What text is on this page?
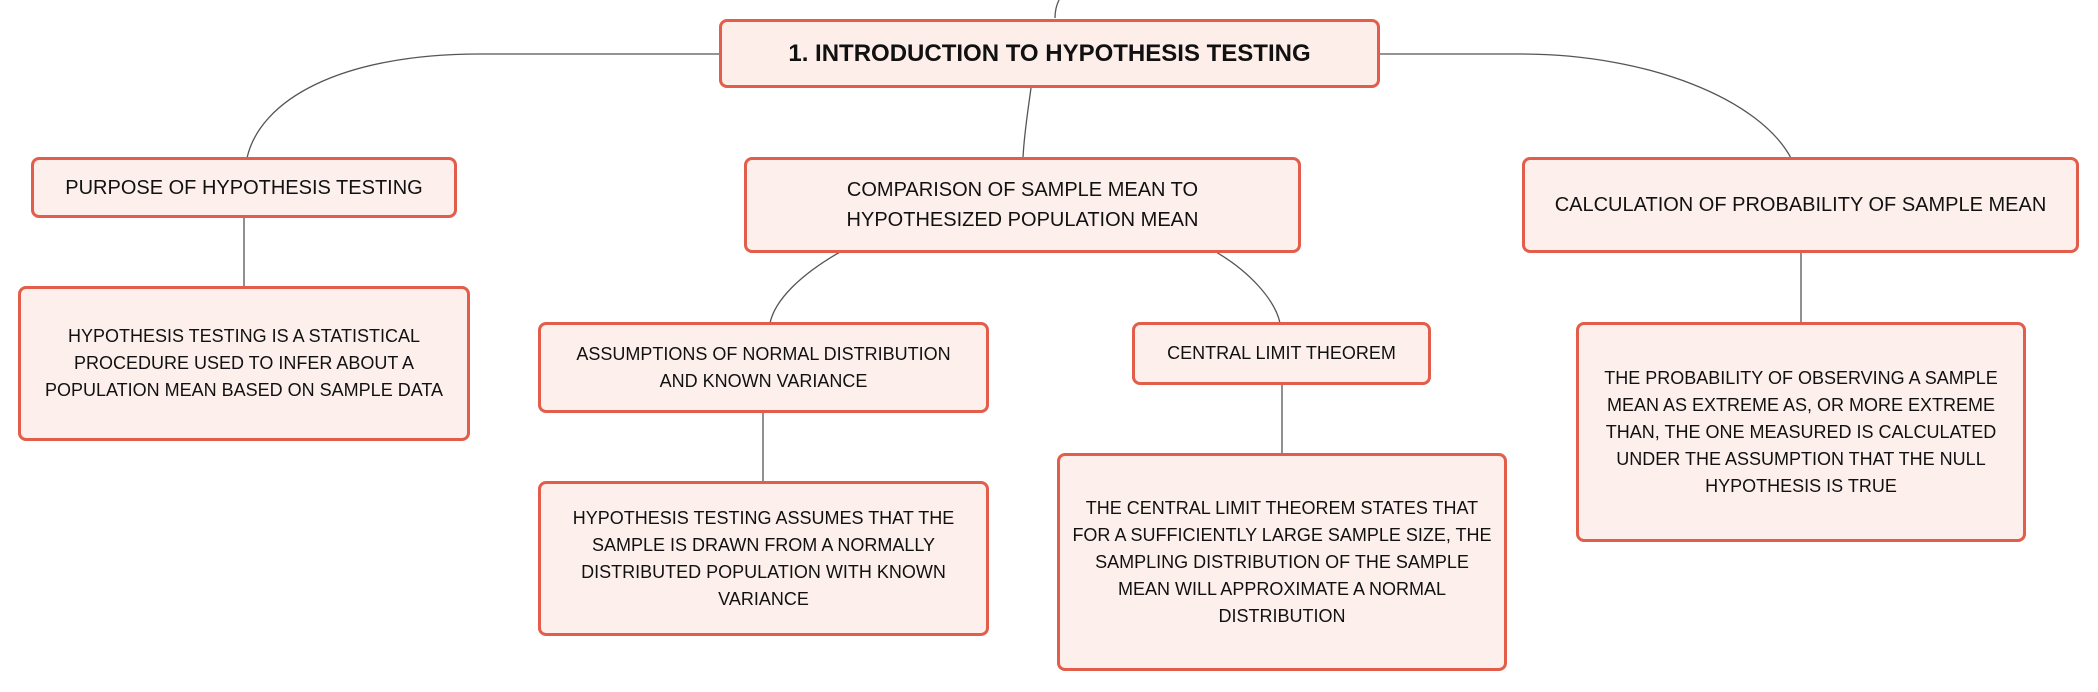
1. INTRODUCTION TO HYPOTHESIS TESTING
PURPOSE OF HYPOTHESIS TESTING
HYPOTHESIS TESTING IS A STATISTICAL PROCEDURE USED TO INFER ABOUT A POPULATION MEAN BASED ON SAMPLE DATA
COMPARISON OF SAMPLE MEAN TO HYPOTHESIZED POPULATION MEAN
ASSUMPTIONS OF NORMAL DISTRIBUTION AND KNOWN VARIANCE
HYPOTHESIS TESTING ASSUMES THAT THE SAMPLE IS DRAWN FROM A NORMALLY DISTRIBUTED POPULATION WITH KNOWN VARIANCE
CENTRAL LIMIT THEOREM
THE CENTRAL LIMIT THEOREM STATES THAT FOR A SUFFICIENTLY LARGE SAMPLE SIZE, THE SAMPLING DISTRIBUTION OF THE SAMPLE MEAN WILL APPROXIMATE A NORMAL DISTRIBUTION
CALCULATION OF PROBABILITY OF SAMPLE MEAN
THE PROBABILITY OF OBSERVING A SAMPLE MEAN AS EXTREME AS, OR MORE EXTREME THAN, THE ONE MEASURED IS CALCULATED UNDER THE ASSUMPTION THAT THE NULL HYPOTHESIS IS TRUE
